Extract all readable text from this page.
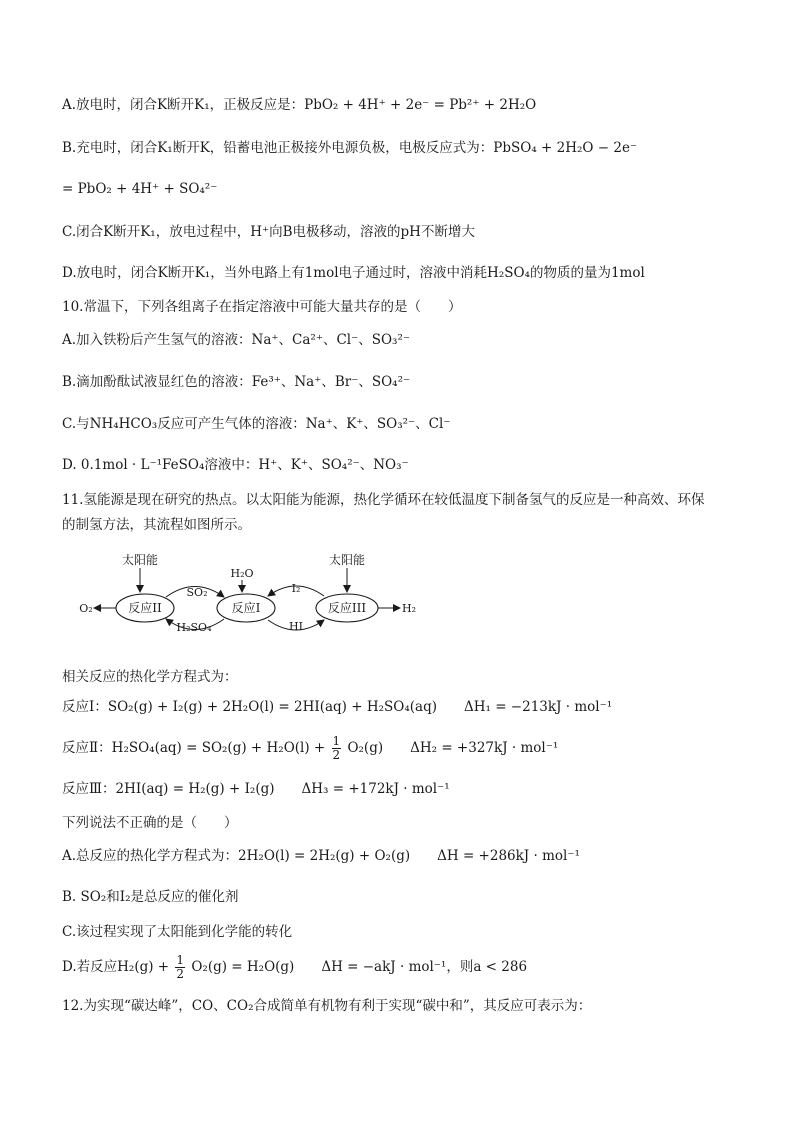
A.放电时，闭合K断开K₁，正极反应是：PbO₂ + 4H⁺ + 2e⁻ = Pb²⁺ + 2H₂O
B.充电时，闭合K₁断开K，铅蓄电池正极接外电源负极，电极反应式为：PbSO₄ + 2H₂O − 2e⁻
= PbO₂ + 4H⁺ + SO₄²⁻
C.闭合K断开K₁，放电过程中，H⁺向B电极移动，溶液的pH不断增大
D.放电时，闭合K断开K₁，当外电路上有1mol电子通过时，溶液中消耗H₂SO₄的物质的量为1mol
10.常温下，下列各组离子在指定溶液中可能大量共存的是（　　）
A.加入铁粉后产生氢气的溶液：Na⁺、Ca²⁺、Cl⁻、SO₃²⁻
B.滴加酚酞试液显红色的溶液：Fe³⁺、Na⁺、Br⁻、SO₄²⁻
C.与NH₄HCO₃反应可产生气体的溶液：Na⁺、K⁺、SO₃²⁻、Cl⁻
D. 0.1mol · L⁻¹FeSO₄溶液中：H⁺、K⁺、SO₄²⁻、NO₃⁻
11.氢能源是现在研究的热点。以太阳能为能源，热化学循环在较低温度下制备氢气的反应是一种高效、环保
的制氢方法，其流程如图所示。
太阳能	太阳能
反应II	反应I	反应III
O₂	H₂
SO₂
H₂SO₄
H₂O
I₂
HI
相关反应的热化学方程式为：
反应Ⅰ：SO₂(g) + I₂(g) + 2H₂O(l) = 2HI(aq) + H₂SO₄(aq)　　ΔH₁ = −213kJ · mol⁻¹
反应Ⅱ：$H_2SO_4(aq) = SO_2(g) + H_2O(l) + \frac{1}{2} O_2(g)$　　ΔH₂ = +327kJ · mol⁻¹
反应Ⅲ：2HI(aq) = H₂(g) + I₂(g)　　ΔH₃ = +172kJ · mol⁻¹
下列说法不正确的是（　　）
A.总反应的热化学方程式为：2H₂O(l) = 2H₂(g) + O₂(g)　　ΔH = +286kJ · mol⁻¹
B. SO₂和I₂是总反应的催化剂
C.该过程实现了太阳能到化学能的转化
D.若反应$H_2(g) + \frac{1}{2} O_2(g) = H_2O(g)$　　ΔH = −akJ · mol⁻¹，则a < 286
12.为实现“碳达峰”，CO、CO₂合成简单有机物有利于实现“碳中和”，其反应可表示为：
